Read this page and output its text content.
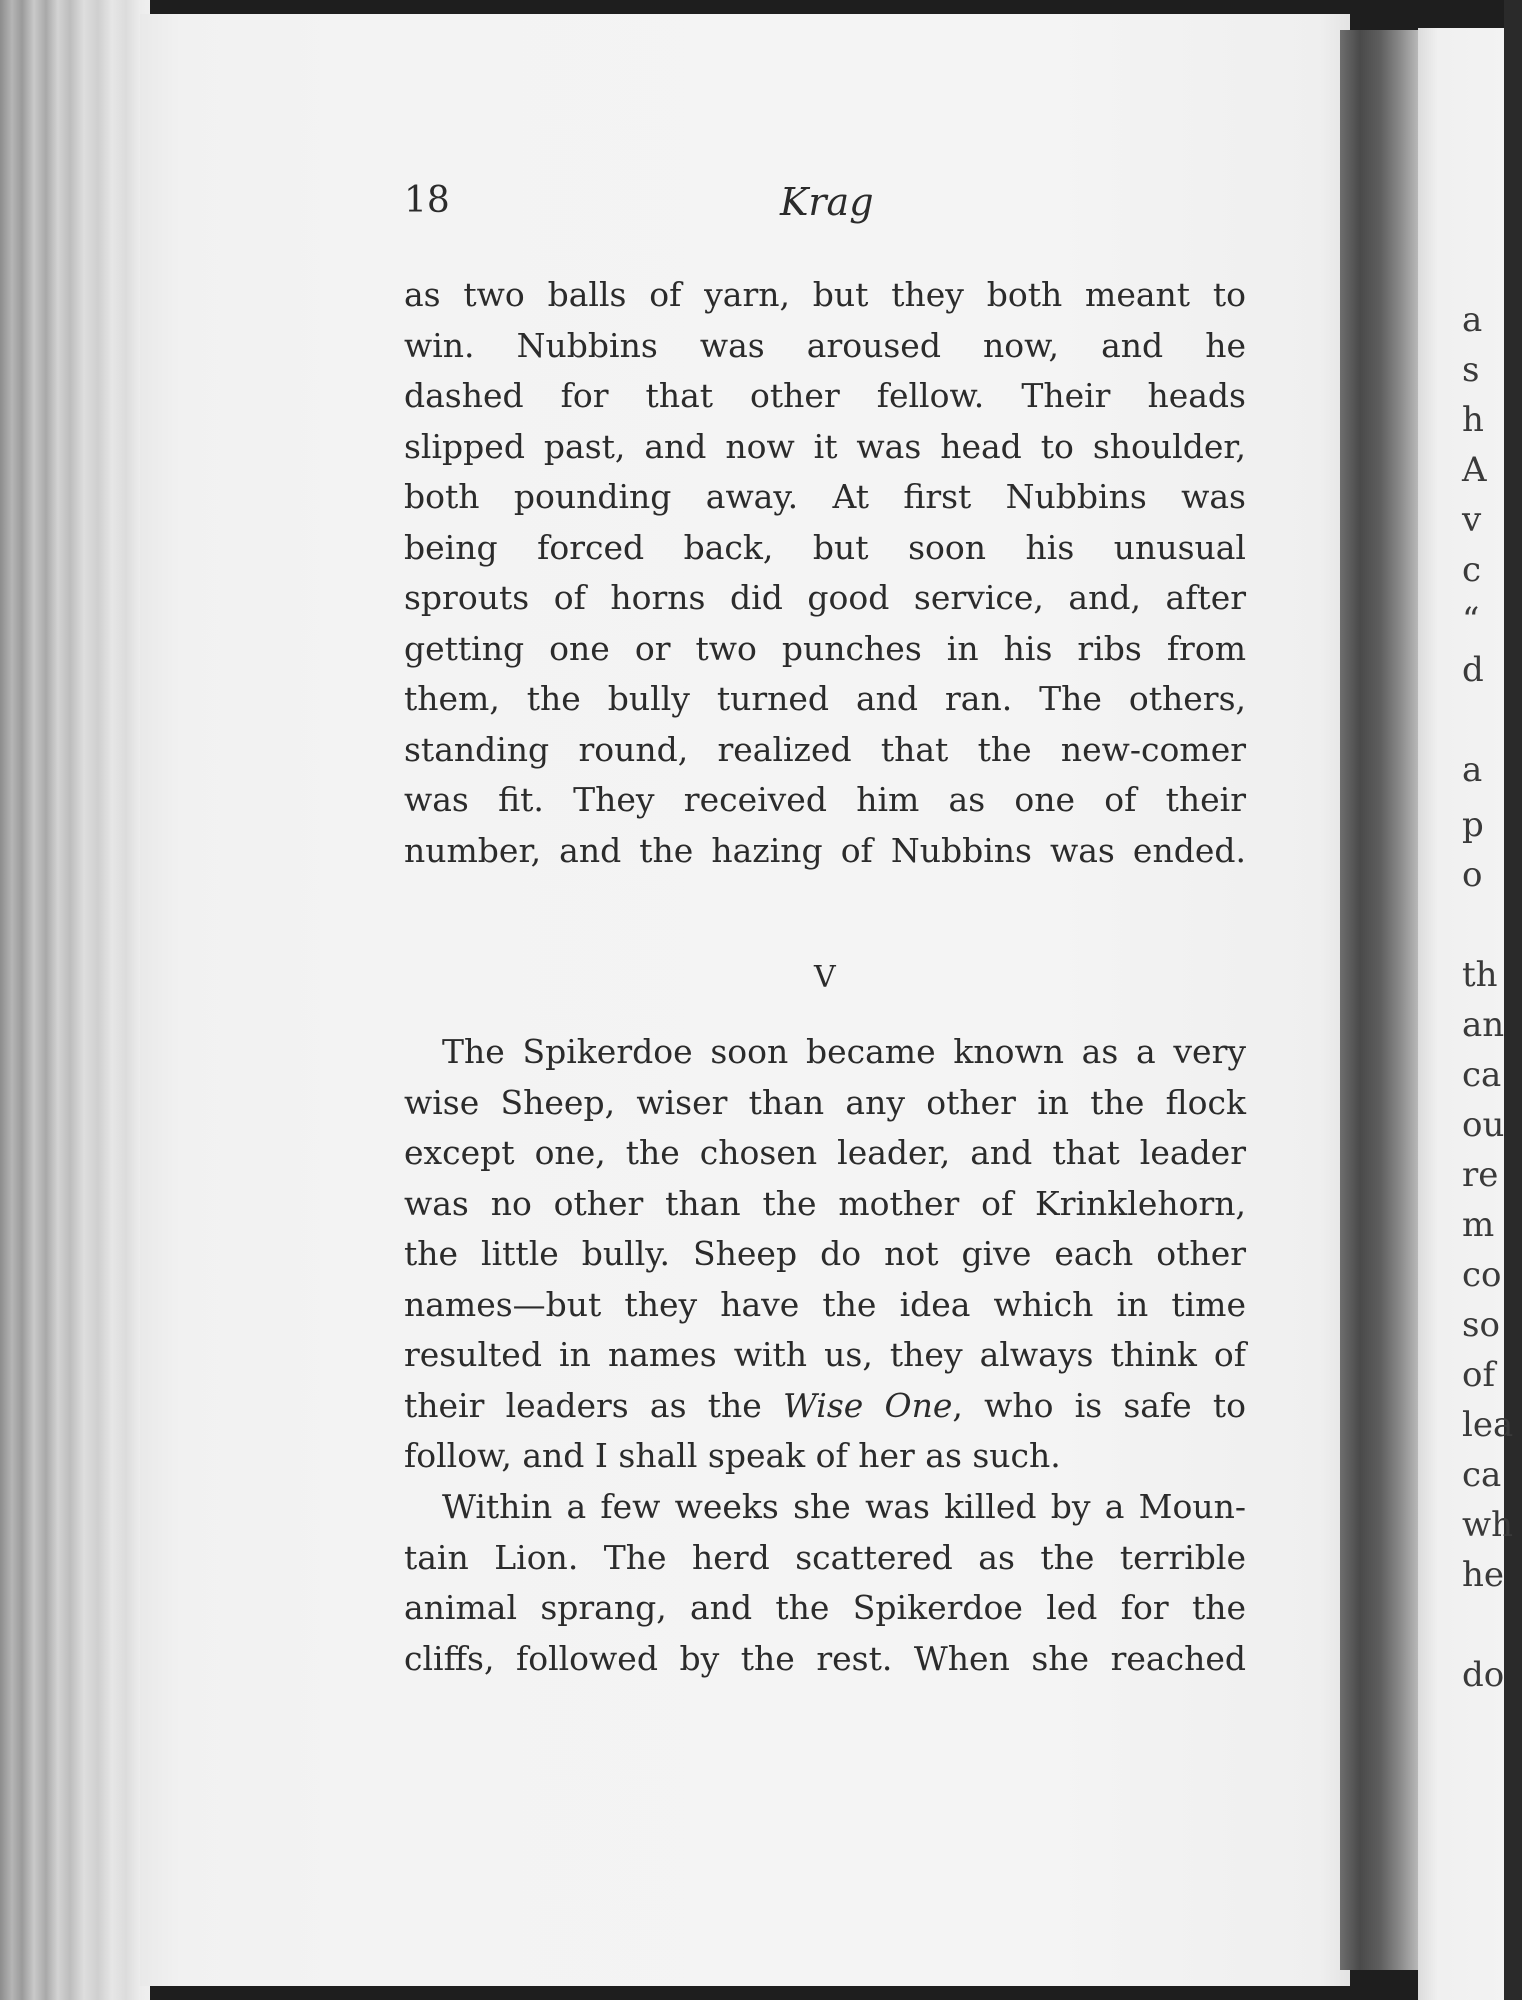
a
s
h
A
v
c
“
d
a
p
o
th
an
ca
ou
re
m
co
so
of
lea
ca
wh
he
do
18	Krag
as two balls of yarn, but they both meant to
win. Nubbins was aroused now, and he
dashed for that other fellow. Their heads
slipped past, and now it was head to shoulder,
both pounding away. At first Nubbins was
being forced back, but soon his unusual
sprouts of horns did good service, and, after
getting one or two punches in his ribs from
them, the bully turned and ran. The others,
standing round, realized that the new-comer
was fit. They received him as one of their
number, and the hazing of Nubbins was ended.
V
The Spikerdoe soon became known as a very
wise Sheep, wiser than any other in the flock
except one, the chosen leader, and that leader
was no other than the mother of Krinklehorn,
the little bully. Sheep do not give each other
names—but they have the idea which in time
resulted in names with us, they always think of
their leaders as the Wise One, who is safe to
follow, and I shall speak of her as such.
Within a few weeks she was killed by a Moun-
tain Lion. The herd scattered as the terrible
animal sprang, and the Spikerdoe led for the
cliffs, followed by the rest. When she reached
